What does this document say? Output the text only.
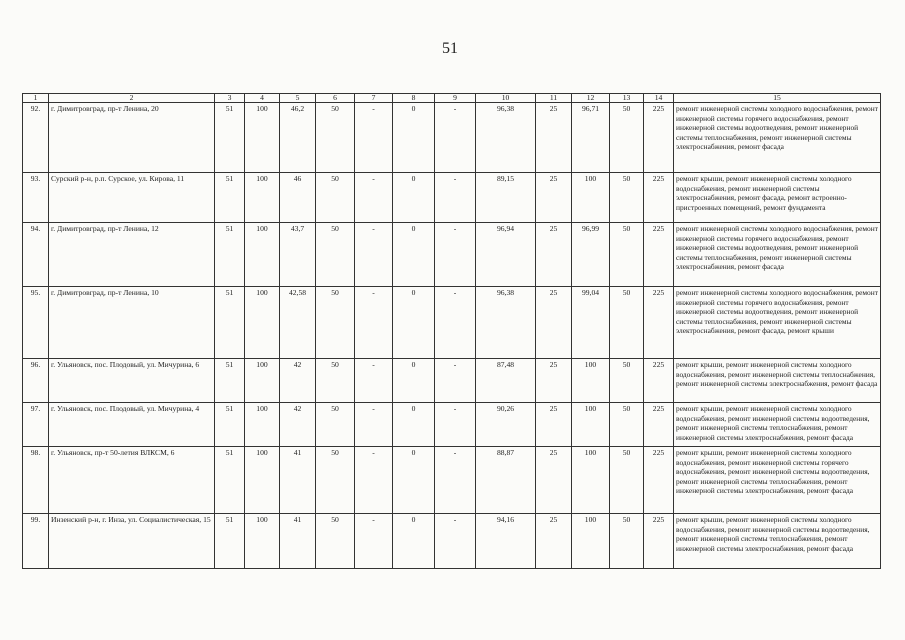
51
1	2	3	4	5	6	7	8	9	10	11	12	13	14	15
92.	г. Димитровград, пр-т Ленина, 20	51	100	46,2	50	-	0	-	96,38	25	96,71	50	225	ремонт инженерной системы холодного водоснабжения, ремонт инженерной системы горячего водоснабжения, ремонт инженерной системы водоотведения, ремонт инженерной системы теплоснабжения, ремонт инженерной системы электроснабжения, ремонт фасада
93.	Сурский р-н, р.п. Сурское, ул. Кирова, 11	51	100	46	50	-	0	-	89,15	25	100	50	225	ремонт крыши, ремонт инженерной системы холодного водоснабжения, ремонт инженерной системы электроснабжения, ремонт фасада, ремонт встроенно-пристроенных помещений, ремонт фундамента
94.	г. Димитровград, пр-т Ленина, 12	51	100	43,7	50	-	0	-	96,94	25	96,99	50	225	ремонт инженерной системы холодного водоснабжения, ремонт инженерной системы горячего водоснабжения, ремонт инженерной системы водоотведения, ремонт инженерной системы теплоснабжения, ремонт инженерной системы электроснабжения, ремонт фасада
95.	г. Димитровград, пр-т Ленина, 10	51	100	42,58	50	-	0	-	96,38	25	99,04	50	225	ремонт инженерной системы холодного водоснабжения, ремонт инженерной системы горячего водоснабжения, ремонт инженерной системы водоотведения, ремонт инженерной системы теплоснабжения, ремонт инженерной системы электроснабжения, ремонт фасада, ремонт крыши
96.	г. Ульяновск, пос. Плодовый, ул. Мичурина, 6	51	100	42	50	-	0	-	87,48	25	100	50	225	ремонт крыши, ремонт инженерной системы холодного водоснабжения, ремонт инженерной системы теплоснабжения, ремонт инженерной системы электроснабжения, ремонт фасада
97.	г. Ульяновск, пос. Плодовый, ул. Мичурина, 4	51	100	42	50	-	0	-	90,26	25	100	50	225	ремонт крыши, ремонт инженерной системы холодного водоснабжения, ремонт инженерной системы водоотведения, ремонт инженерной системы теплоснабжения, ремонт инженерной системы электроснабжения, ремонт фасада
98.	г. Ульяновск, пр-т 50-летия ВЛКСМ, 6	51	100	41	50	-	0	-	88,87	25	100	50	225	ремонт крыши, ремонт инженерной системы холодного водоснабжения, ремонт инженерной системы горячего водоснабжения, ремонт инженерной системы водоотведения, ремонт инженерной системы теплоснабжения, ремонт инженерной системы электроснабжения, ремонт фасада
99.	Инзенский р-н, г. Инза, ул. Социалистическая, 15	51	100	41	50	-	0	-	94,16	25	100	50	225	ремонт крыши, ремонт инженерной системы холодного водоснабжения, ремонт инженерной системы водоотведения, ремонт инженерной системы теплоснабжения, ремонт инженерной системы электроснабжения, ремонт фасада
